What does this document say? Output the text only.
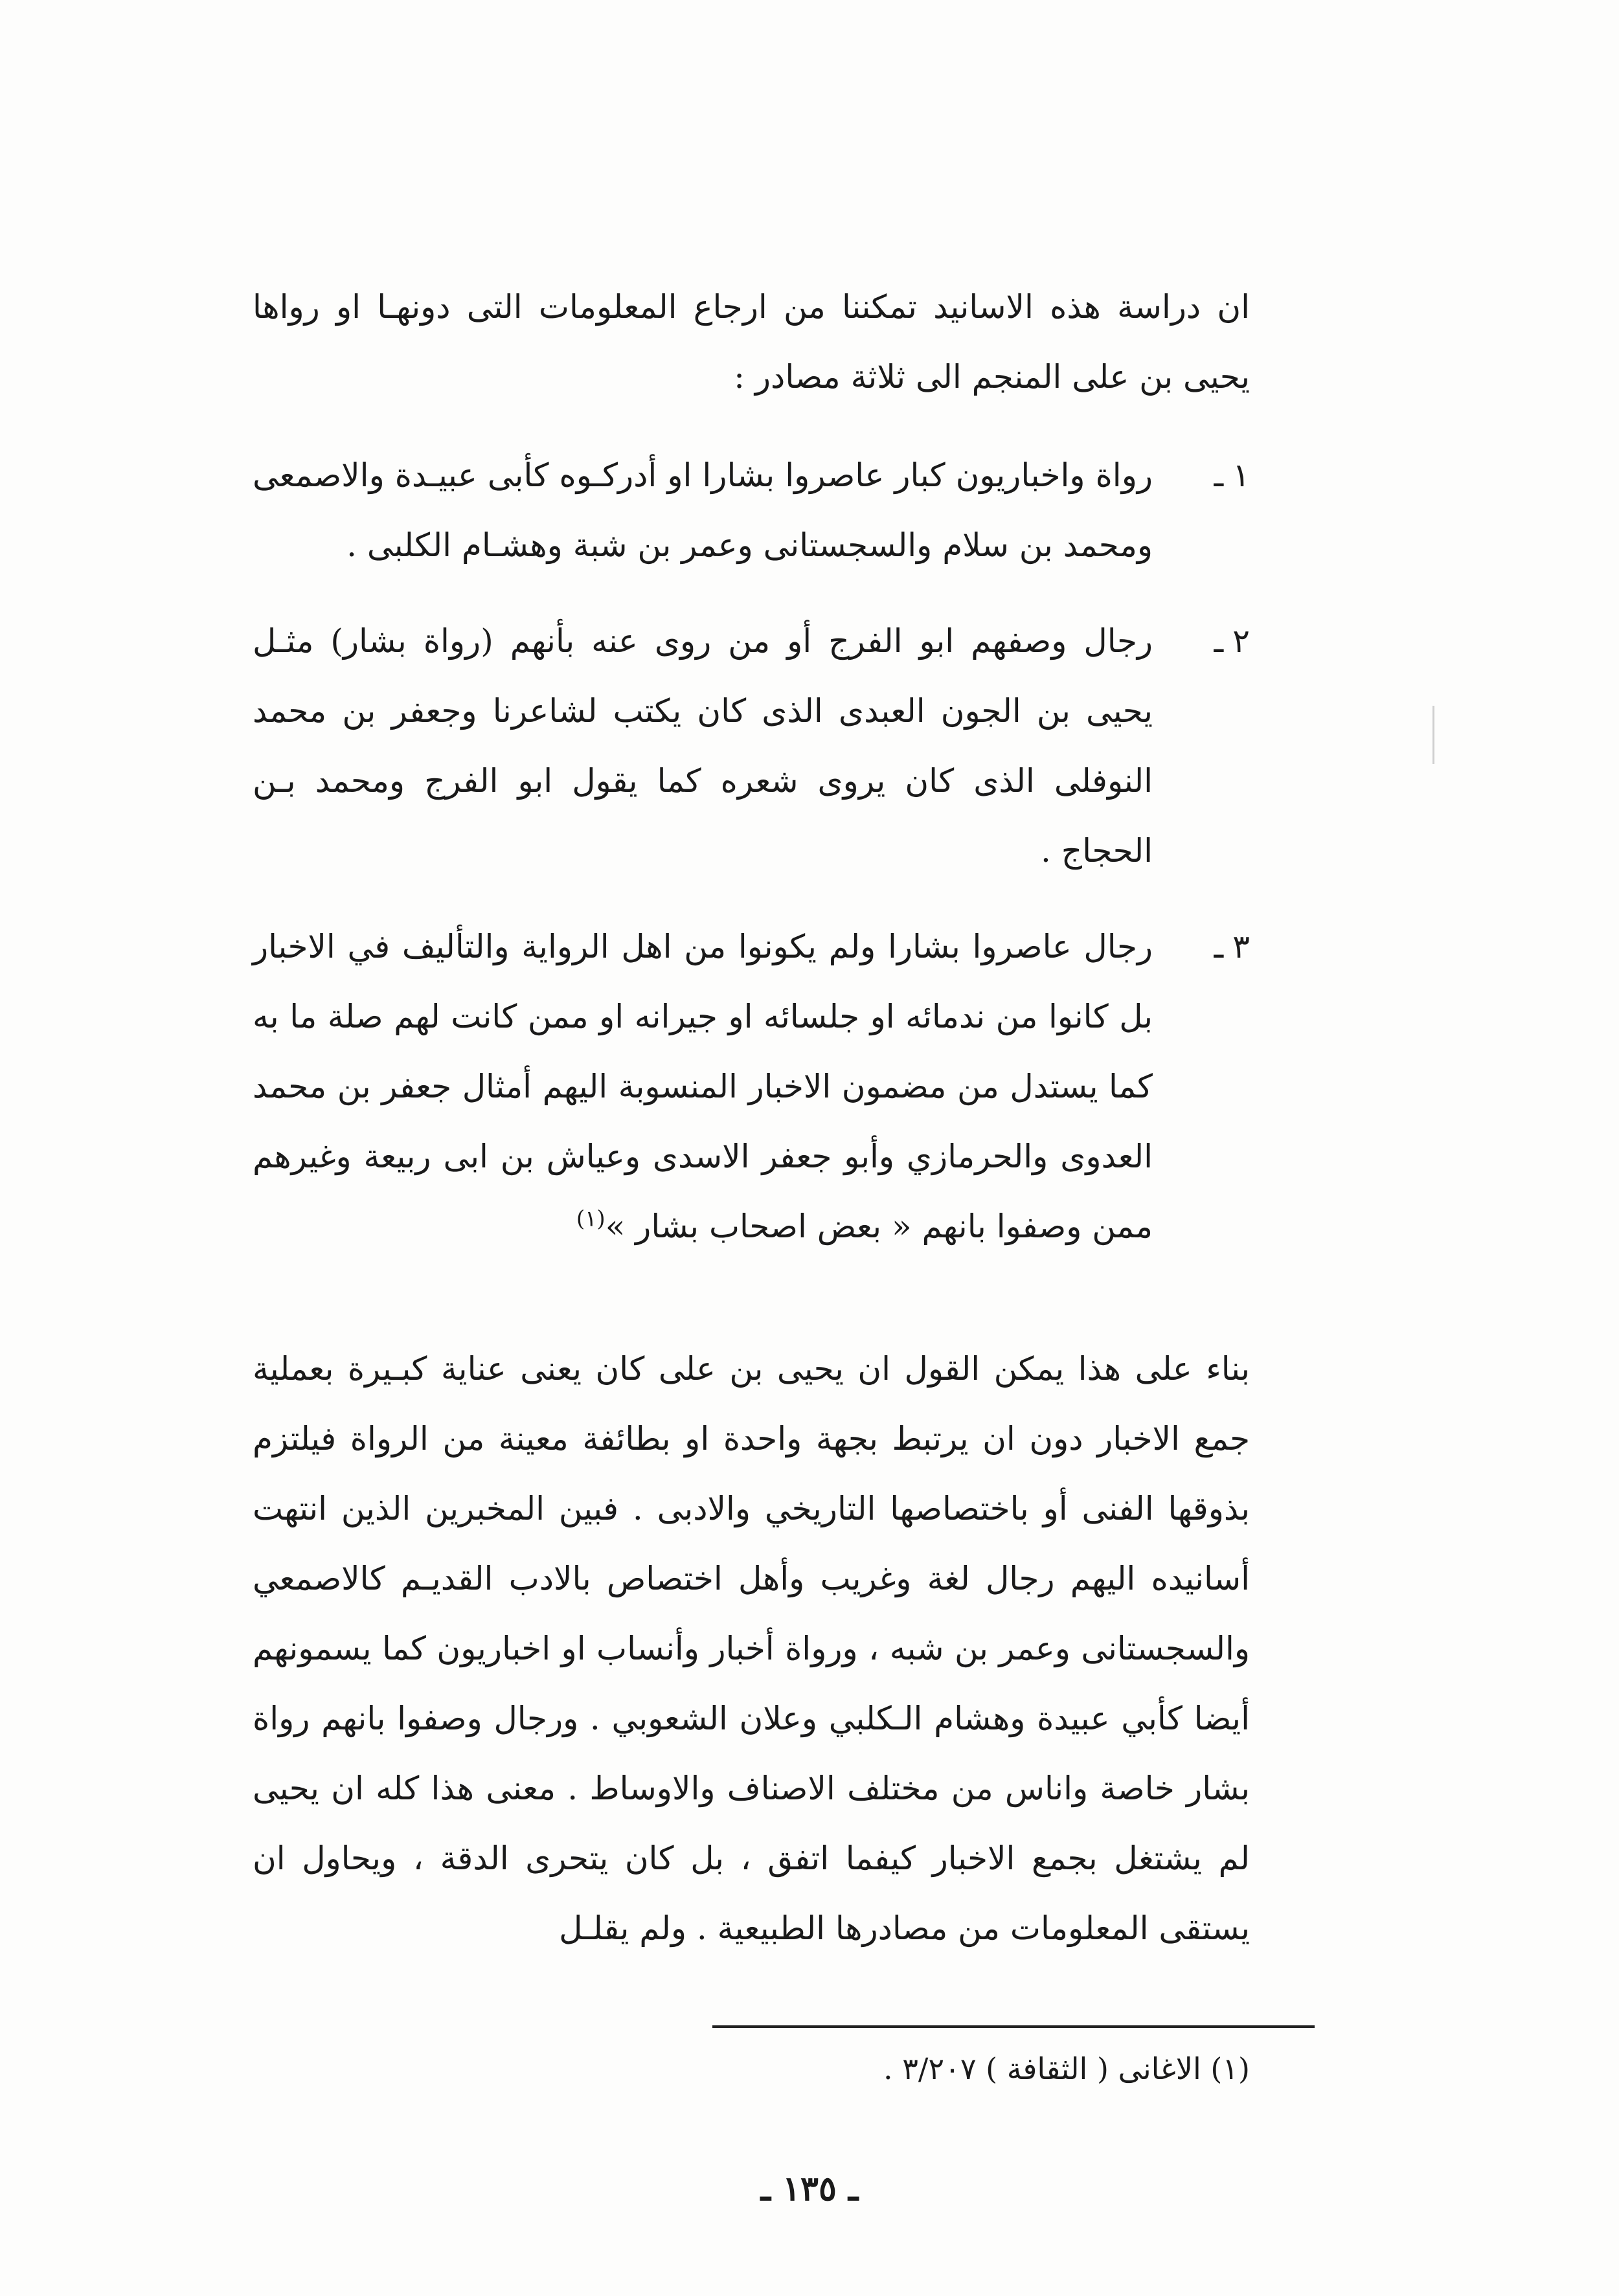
ان دراسة هذه الاسانيد تمكننا من ارجاع المعلومات التى دونهـا او رواها يحيى بن على المنجم الى ثلاثة مصادر :

١ـ
رواة واخباريون كبار عاصروا بشارا او أدركـوه كأبى عبيـدة والاصمعى ومحمد بن سلام والسجستانى وعمر بن شبة وهشـام الكلبى .
٢ـ
رجال وصفهم ابو الفرج أو من روى عنه بأنهم (رواة بشار) مثـل يحيى بن الجون العبدى الذى كان يكتب لشاعرنا وجعفر بن محمد النوفلى الذى كان يروى شعره كما يقول ابو الفرج ومحمد بـن الحجاج .
٣ـ
رجال عاصروا بشارا ولم يكونوا من اهل الرواية والتأليف في الاخبار بل كانوا من ندمائه او جلسائه او جيرانه او ممن كانت لهم صلة ما به كما يستدل من مضمون الاخبار المنسوبة اليهم أمثال جعفر بن محمد العدوى والحرمازي وأبو جعفر الاسدى وعياش بن ابى ربيعة وغيرهم ممن وصفوا بانهم « بعض اصحاب بشار »$^{(١)}$

بناء على هذا يمكن القول ان يحيى بن على كان يعنى عناية كبـيرة بعملية جمع الاخبار دون ان يرتبط بجهة واحدة او بطائفة معينة من الرواة فيلتزم بذوقها الفنى أو باختصاصها التاريخي والادبى . فبين المخبرين الذين انتهت أسانيده اليهم رجال لغة وغريب وأهل اختصاص بالادب القديـم كالاصمعي والسجستانى وعمر بن شبه ، ورواة أخبار وأنساب او اخباريون كما يسمونهم أيضا كأبي عبيدة وهشام الـكلبي وعلان الشعوبي . ورجال وصفوا بانهم رواة بشار خاصة واناس من مختلف الاصناف والاوساط . معنى هذا كله ان يحيى لم يشتغل بجمع الاخبار كيفما اتفق ، بل كان يتحرى الدقة ، ويحاول ان يستقى المعلومات من مصادرها الطبيعية . ولم يقلـل

(١) الاغانى ( الثقافة ) ٣/٢٠٧ .
ـ ١٣٥ ـ
